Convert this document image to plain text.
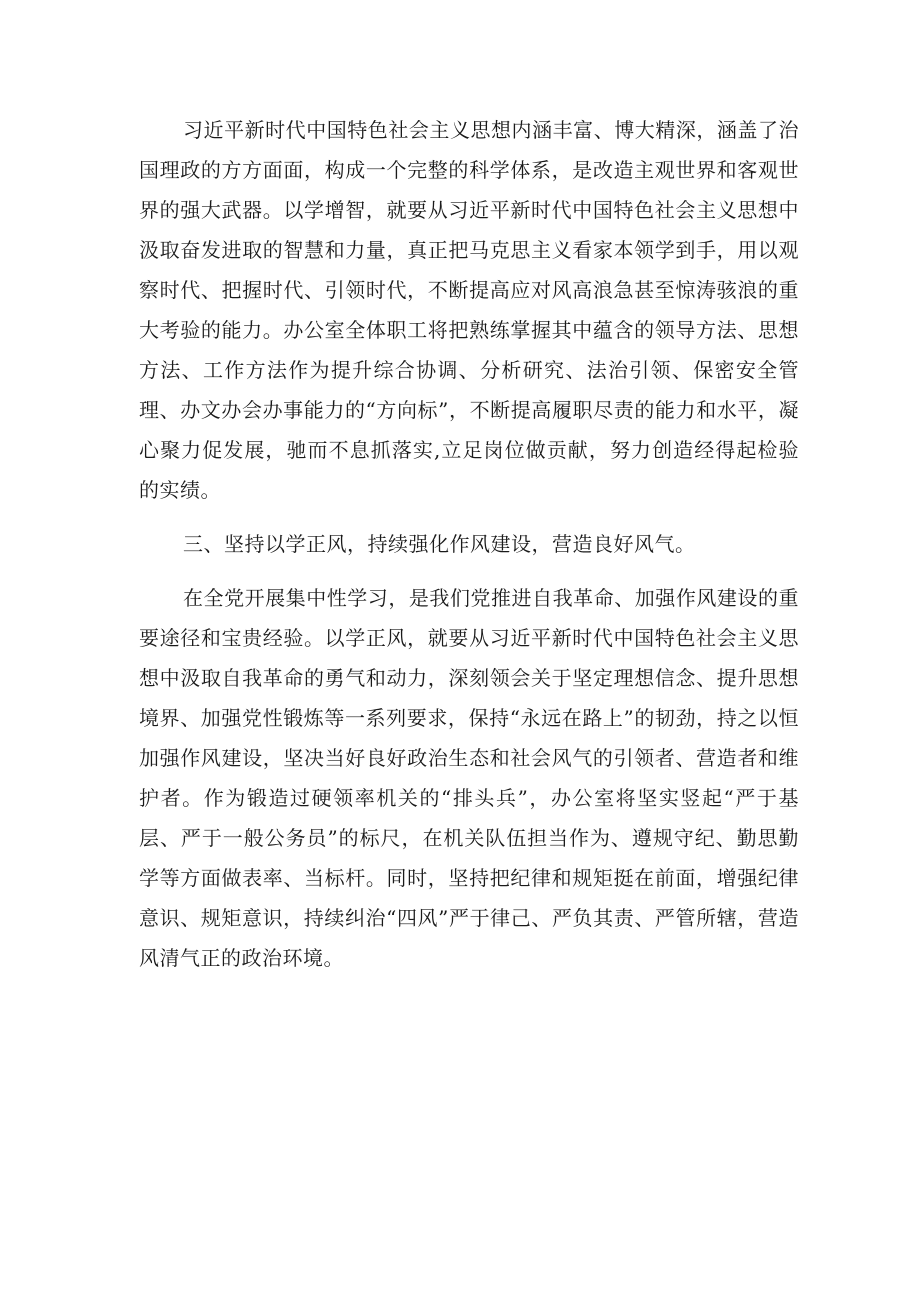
习近平新时代中国特色社会主义思想内涵丰富、博大精深，涵盖了治国理政的方方面面，构成一个完整的科学体系，是改造主观世界和客观世界的强大武器。以学增智，就要从习近平新时代中国特色社会主义思想中汲取奋发进取的智慧和力量，真正把马克思主义看家本领学到手，用以观察时代、把握时代、引领时代，不断提高应对风高浪急甚至惊涛骇浪的重大考验的能力。办公室全体职工将把熟练掌握其中蕴含的领导方法、思想方法、工作方法作为提升综合协调、分析研究、法治引领、保密安全管理、办文办会办事能力的“方向标”，不断提高履职尽责的能力和水平，凝心聚力促发展，驰而不息抓落实,立足岗位做贡献，努力创造经得起检验的实绩。

三、坚持以学正风，持续强化作风建设，营造良好风气。

在全党开展集中性学习，是我们党推进自我革命、加强作风建设的重要途径和宝贵经验。以学正风，就要从习近平新时代中国特色社会主义思想中汲取自我革命的勇气和动力，深刻领会关于坚定理想信念、提升思想境界、加强党性锻炼等一系列要求，保持“永远在路上”的韧劲，持之以恒加强作风建设，坚决当好良好政治生态和社会风气的引领者、营造者和维护者。作为锻造过硬领率机关的“排头兵”，办公室将坚实竖起“严于基层、严于一般公务员”的标尺，在机关队伍担当作为、遵规守纪、勤思勤学等方面做表率、当标杆。同时，坚持把纪律和规矩挺在前面，增强纪律意识、规矩意识，持续纠治“四风”严于律己、严负其责、严管所辖，营造风清气正的政治环境。
